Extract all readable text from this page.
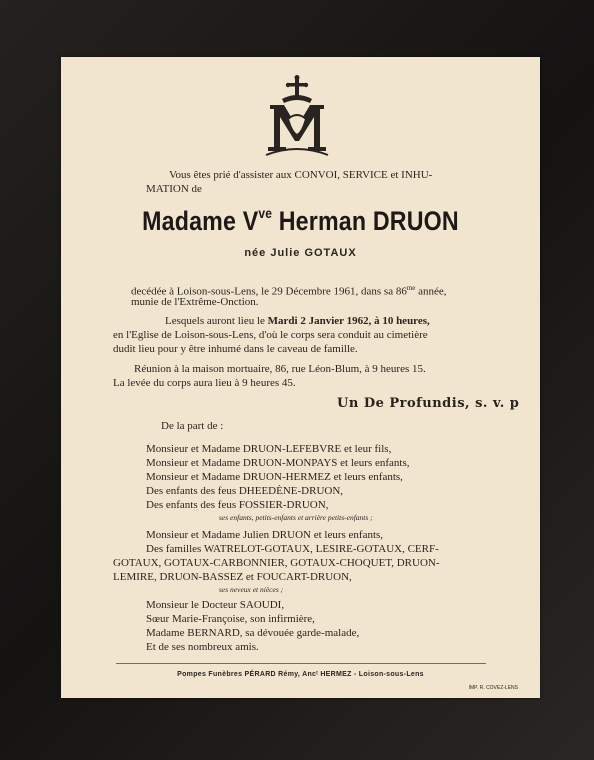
Vous êtes prié d'assister aux CONVOI, SERVICE et INHU-
MATION de
Madame $V^{ve}$ Herman DRUON
née Julie GOTAUX
decédée à Loison-sous-Lens, le 29 Décembre 1961, dans sa $86^{me}$ année,
munie de l'Extrême-Onction.
Lesquels auront lieu le Mardi 2 Janvier 1962, à 10 heures,
en l'Eglise de Loison-sous-Lens, d'où le corps sera conduit au cimetière
dudit lieu pour y être inhumé dans le caveau de famille.
Réunion à la maison mortuaire, 86, rue Léon-Blum, à 9 heures 15.
La levée du corps aura lieu à 9 heures 45.
Un De Profundis, s. v. p
De la part de :
Monsieur et Madame DRUON-LEFEBVRE et leur fils,
Monsieur et Madame DRUON-MONPAYS et leurs enfants,
Monsieur et Madame DRUON-HERMEZ et leurs enfants,
Des enfants des feus DHEEDÈNE-DRUON,
Des enfants des feus FOSSIER-DRUON,
ses enfants, petits-enfants et arrière petits-enfants ;
Monsieur et Madame Julien DRUON et leurs enfants,
Des familles WATRELOT-GOTAUX, LESIRE-GOTAUX, CERF-
GOTAUX, GOTAUX-CARBONNIER, GOTAUX-CHOQUET, DRUON-
LEMIRE, DRUON-BASSEZ et FOUCART-DRUON,
ses neveux et nièces ;
Monsieur le Docteur SAOUDI,
Sœur Marie-Françoise, son infirmière,
Madame BERNARD, sa dévouée garde-malade,
Et de ses nombreux amis.
Pompes Funèbres PÉRARD Rémy, Ancᵗ HERMEZ - Loison-sous-Lens
IMP. R. COVEZ-LENS
